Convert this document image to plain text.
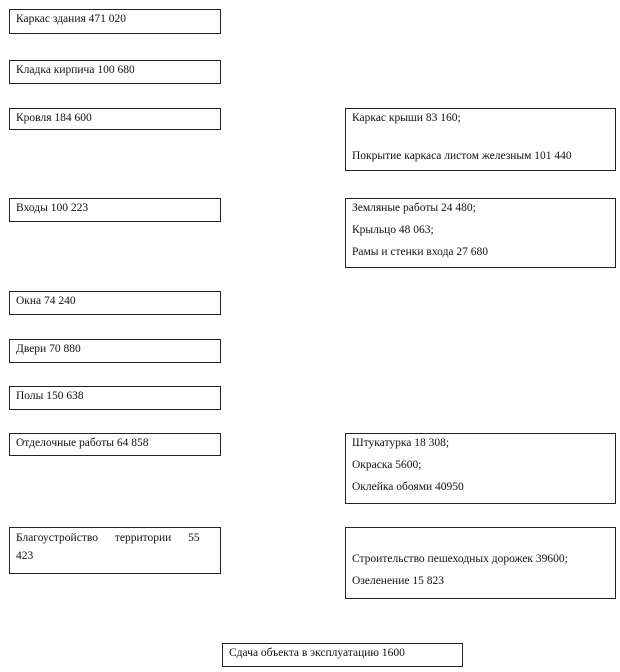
Каркас здания 471 020
Кладка кирпича 100 680
Кровля 184 600
Входы 100 223
Окна 74 240
Двери 70 880
Полы 150 638
Отделочные работы 64 858
Благоустройство территории 55
423
Каркас крыши 83 160;
Покрытие каркаса листом железным 101 440
Земляные работы 24 480;
Крыльцо 48 063;
Рамы и стенки входа 27 680
Штукатурка 18 308;
Окраска 5600;
Оклейка обоями 40950
Строительство пешеходных дорожек 39600;
Озеленение 15 823
Сдача объекта в эксплуатацию 1600
